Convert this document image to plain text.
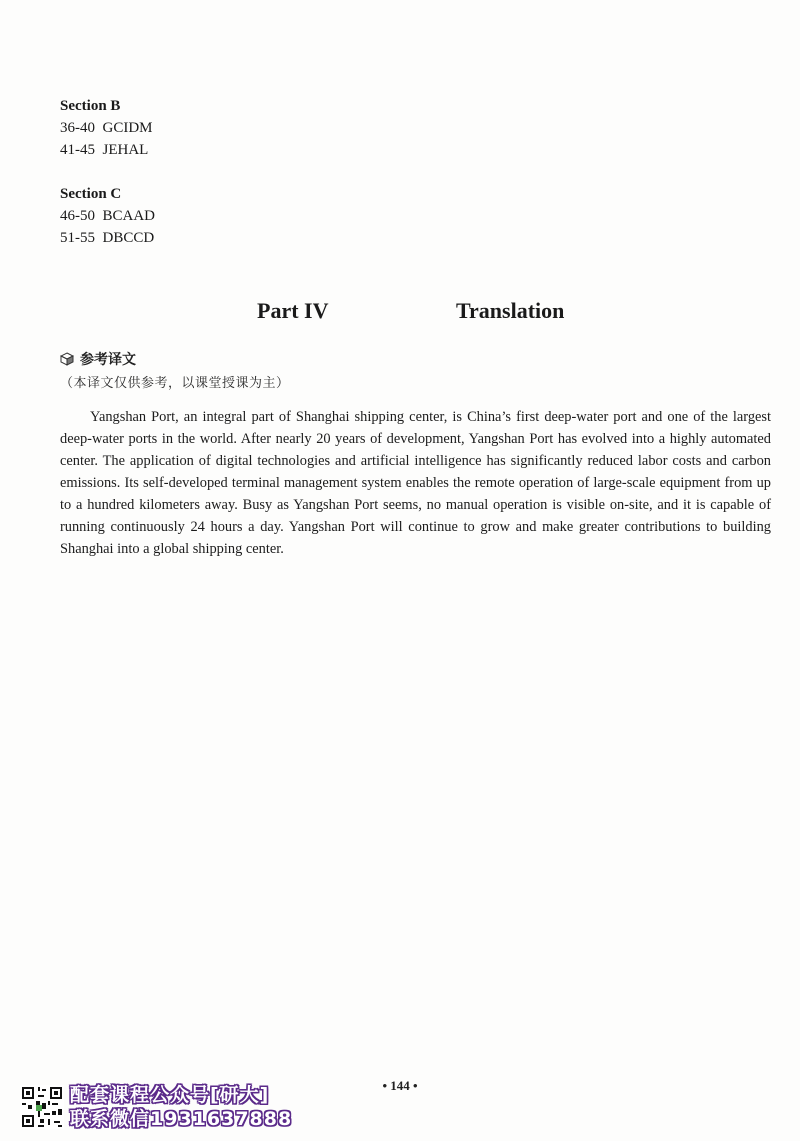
Section B
36-40  GCIDM
41-45  JEHAL
Section C
46-50  BCAAD
51-55  DBCCD
Part IV	Translation
参考译文
（本译文仅供参考，以课堂授课为主）

Yangshan Port, an integral part of Shanghai shipping center, is China’s first deep-water port and one of the largest deep-water ports in the world. After nearly 20 years of development, Yangshan Port has evolved into a highly automated center. The application of digital technologies and artificial intelligence has significantly reduced labor costs and carbon emissions. Its self-developed terminal management system enables the remote operation of large-scale equipment from up to a hundred kilometers away. Busy as Yangshan Port seems, no manual operation is visible on-site, and it is capable of running continuously 24 hours a day. Yangshan Port will continue to grow and make greater contributions to building Shanghai into a global shipping center.

• 144 •
配套课程公众号[研大]
联系微信1931637888
